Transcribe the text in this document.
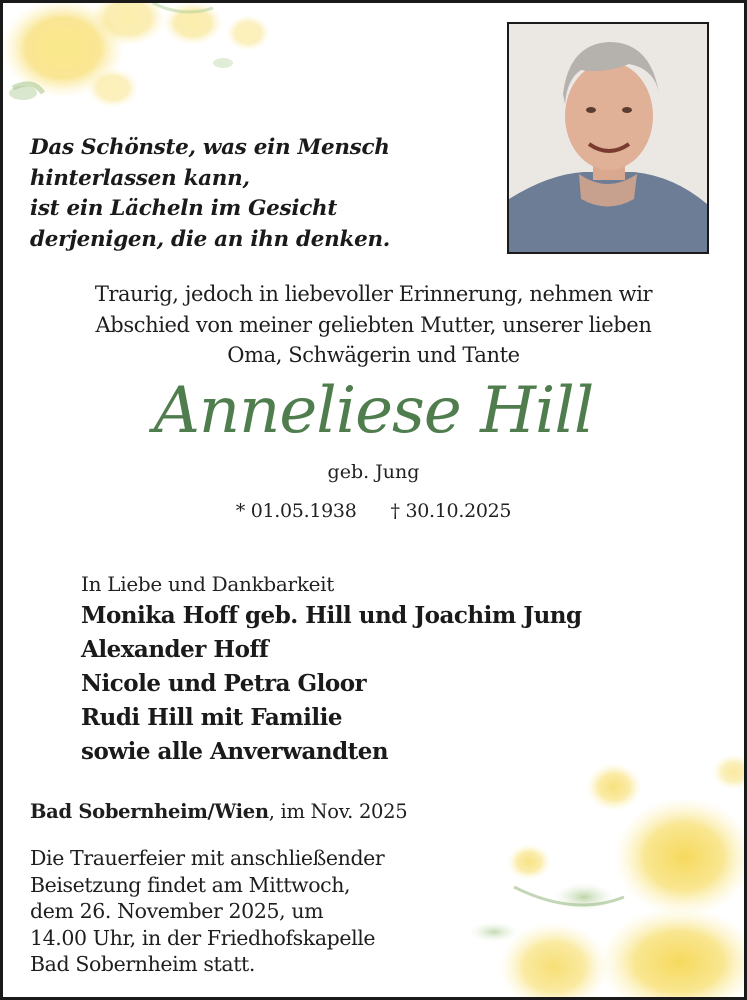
Das Schönste, was ein Mensch
hinterlassen kann,
ist ein Lächeln im Gesicht
derjenigen, die an ihn denken.
Traurig, jedoch in liebevoller Erinnerung, nehmen wir
Abschied von meiner geliebten Mutter, unserer lieben
Oma, Schwägerin und Tante
Anneliese Hill
geb. Jung
* 01.05.1938 † 30.10.2025
In Liebe und Dankbarkeit
Monika Hoff geb. Hill und Joachim Jung
Alexander Hoff
Nicole und Petra Gloor
Rudi Hill mit Familie
sowie alle Anverwandten
Bad Sobernheim/Wien, im Nov. 2025
Die Trauerfeier mit anschließender
Beisetzung findet am Mittwoch,
dem 26. November 2025, um
14.00 Uhr, in der Friedhofskapelle
Bad Sobernheim statt.
